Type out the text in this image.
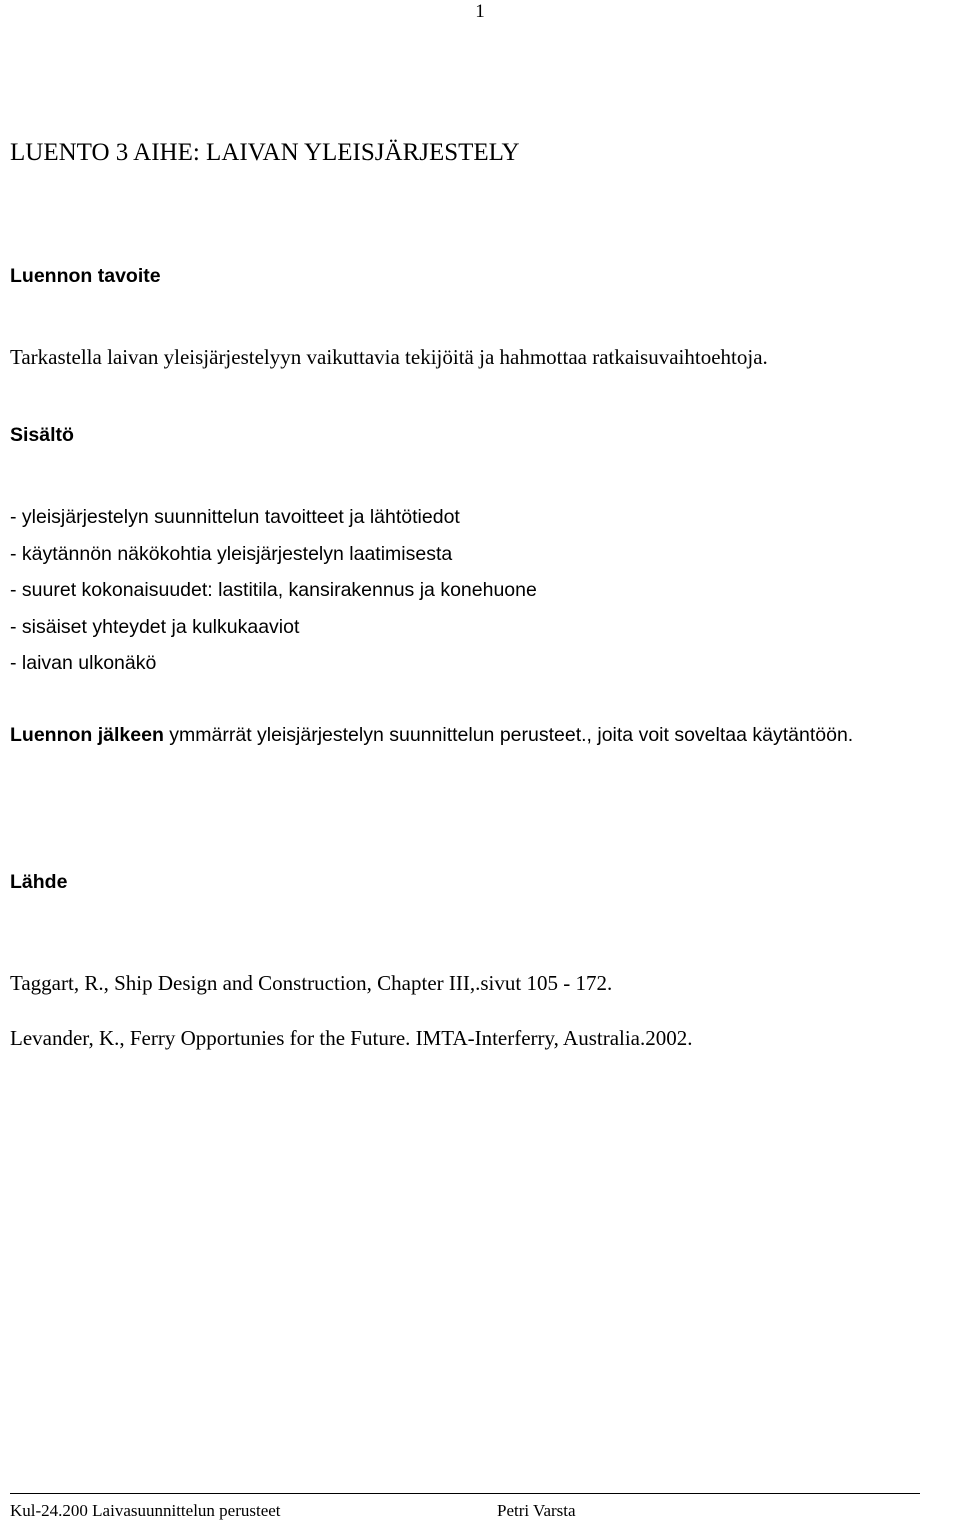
1
LUENTO 3 AIHE: LAIVAN YLEISJÄRJESTELY
Luennon tavoite
Tarkastella laivan yleisjärjestelyyn vaikuttavia tekijöitä ja hahmottaa ratkaisuvaihtoehtoja.
Sisältö
- yleisjärjestelyn suunnittelun tavoitteet ja lähtötiedot
- käytännön näkökohtia yleisjärjestelyn laatimisesta
- suuret kokonaisuudet: lastitila, kansirakennus ja konehuone
- sisäiset yhteydet ja kulkukaaviot
- laivan ulkonäkö
Luennon jälkeen ymmärrät yleisjärjestelyn suunnittelun perusteet., joita voit soveltaa käytäntöön.
Lähde
Taggart, R., Ship Design and Construction, Chapter III,.sivut 105 - 172.
Levander, K., Ferry Opportunies for the Future. IMTA-Interferry, Australia.2002.
Kul-24.200 Laivasuunnittelun perusteet	Petri Varsta
